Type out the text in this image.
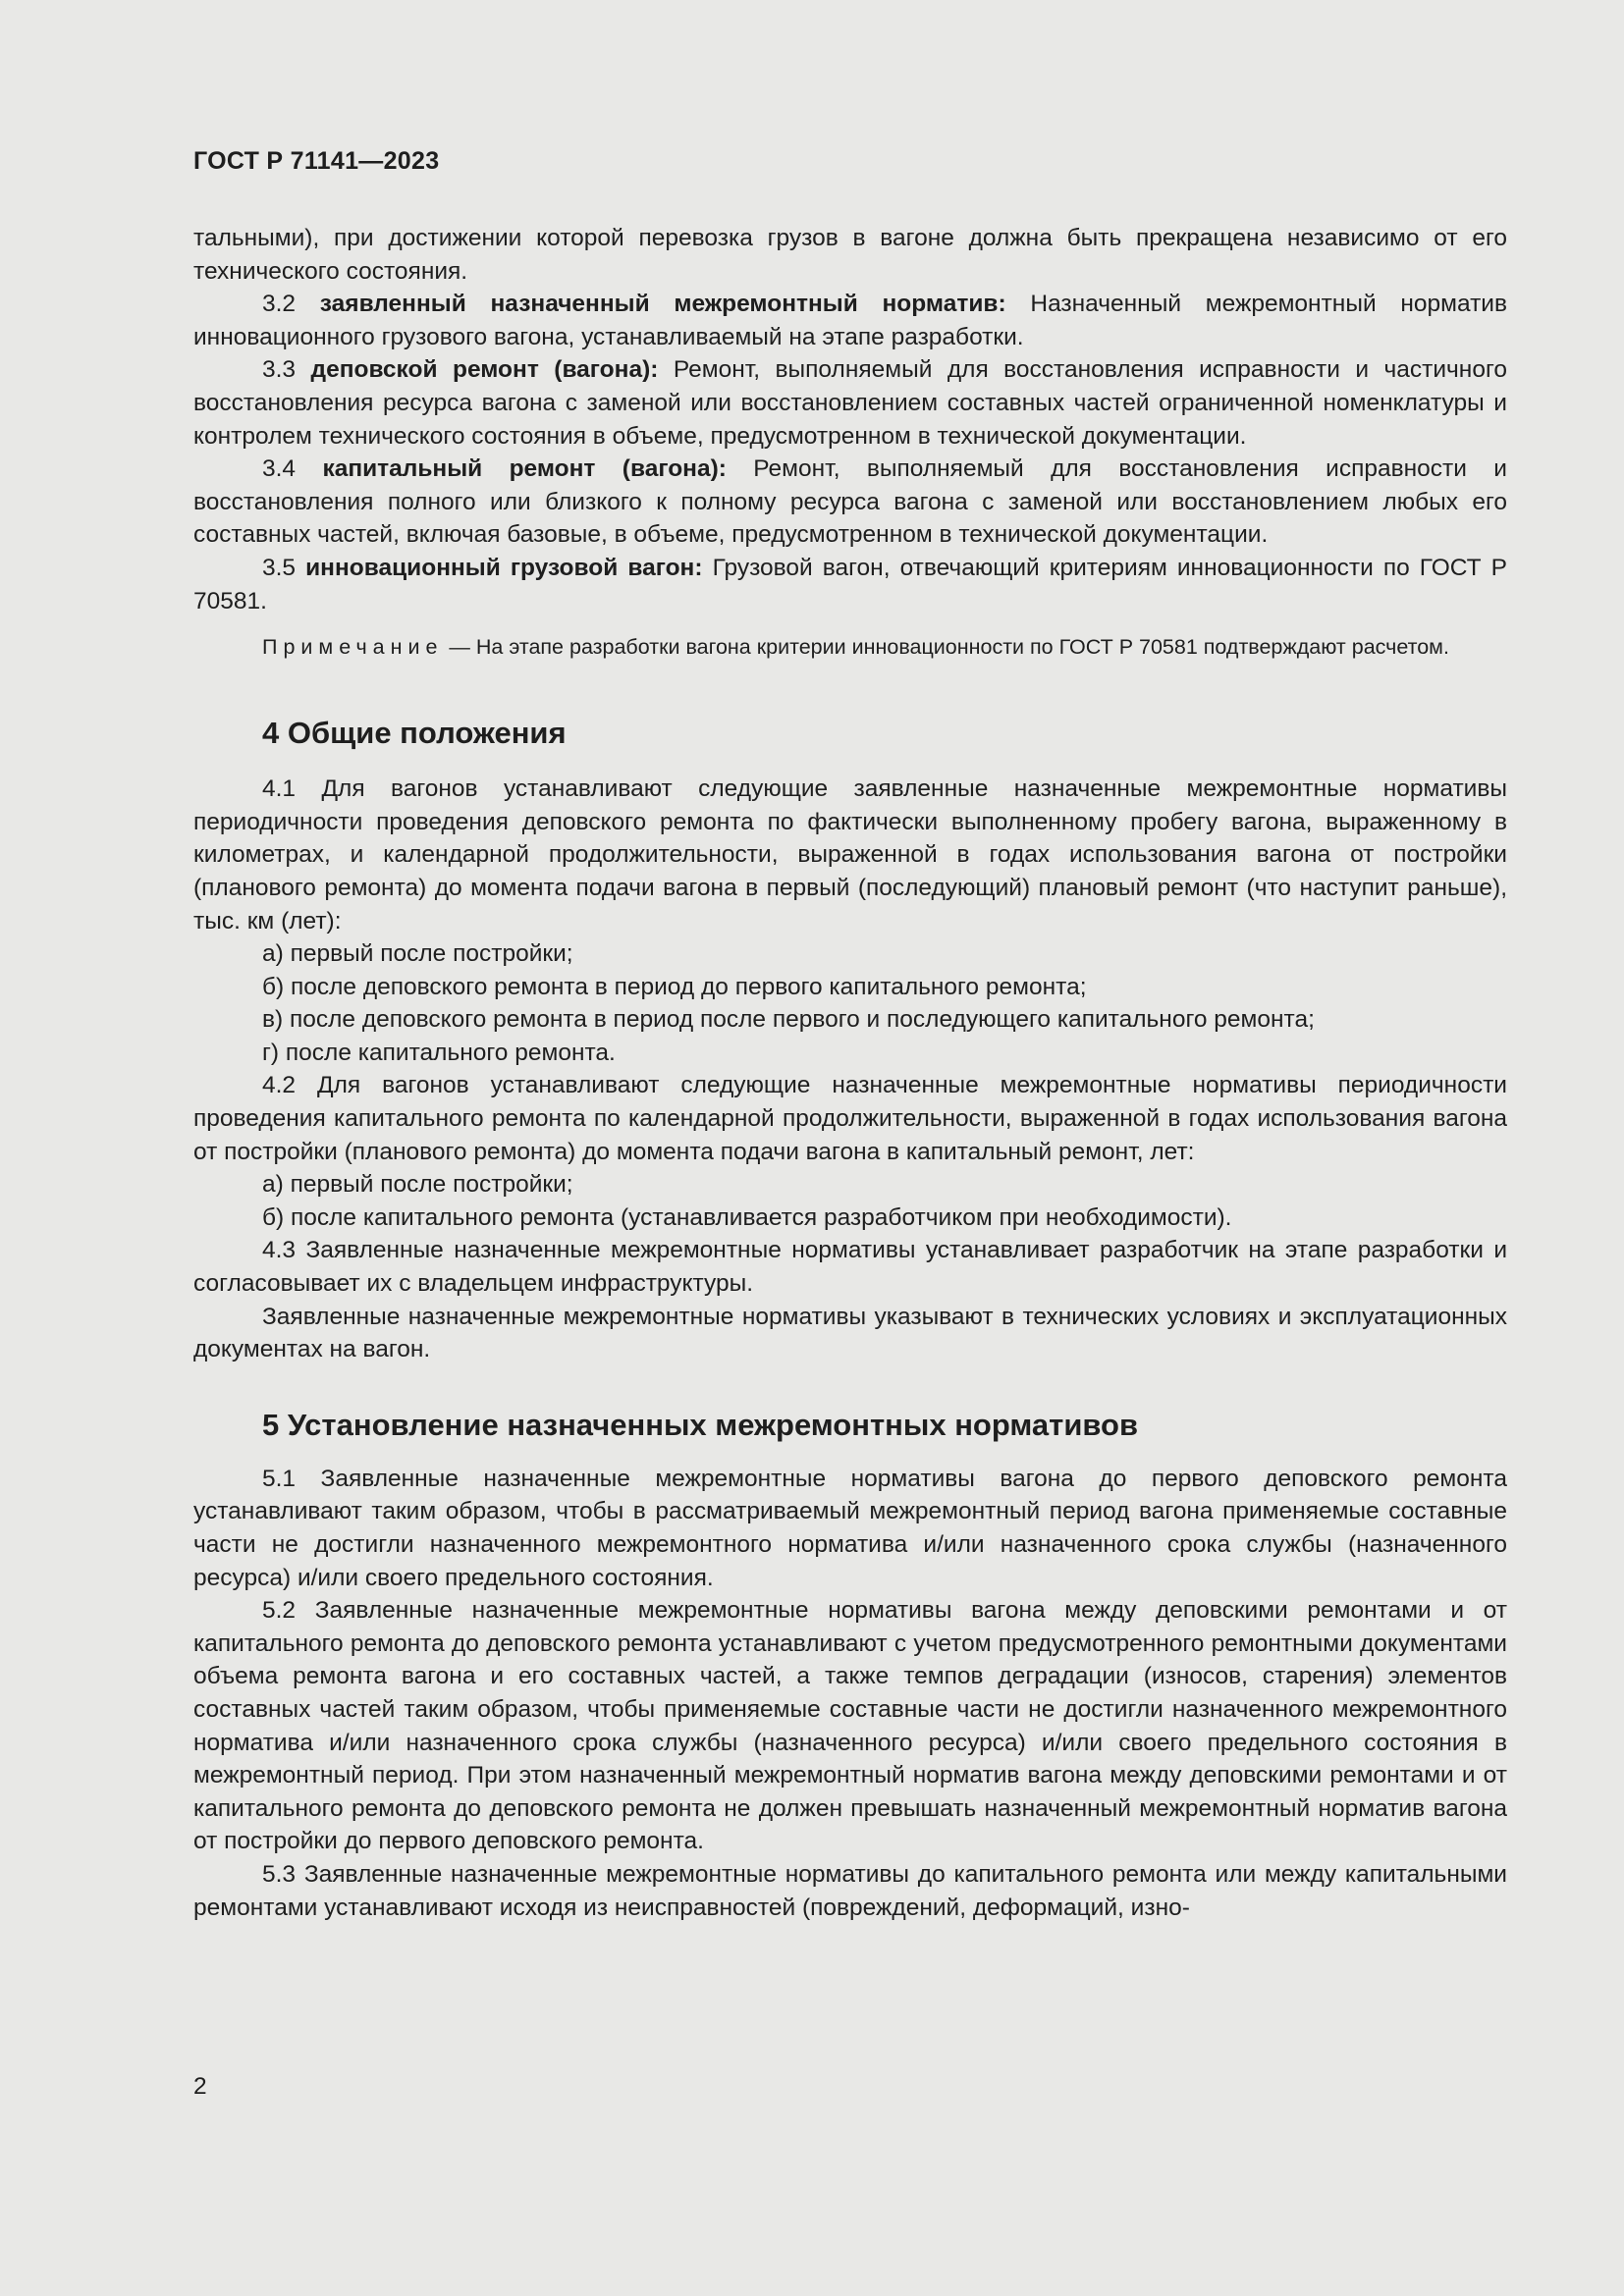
ГОСТ Р 71141—2023

тальными), при достижении которой перевозка грузов в вагоне должна быть прекращена независимо от его технического состояния.

3.2 заявленный назначенный межремонтный норматив: Назначенный межремонтный норматив инновационного грузового вагона, устанавливаемый на этапе разработки.

3.3 деповской ремонт (вагона): Ремонт, выполняемый для восстановления исправности и частичного восстановления ресурса вагона с заменой или восстановлением составных частей ограниченной номенклатуры и контролем технического состояния в объеме, предусмотренном в технической документации.

3.4 капитальный ремонт (вагона): Ремонт, выполняемый для восстановления исправности и восстановления полного или близкого к полному ресурса вагона с заменой или восстановлением любых его составных частей, включая базовые, в объеме, предусмотренном в технической документации.

3.5 инновационный грузовой вагон: Грузовой вагон, отвечающий критериям инновационности по ГОСТ Р 70581.

Примечание — На этапе разработки вагона критерии инновационности по ГОСТ Р 70581 подтверждают расчетом.

4 Общие положения

4.1 Для вагонов устанавливают следующие заявленные назначенные межремонтные нормативы периодичности проведения деповского ремонта по фактически выполненному пробегу вагона, выраженному в километрах, и календарной продолжительности, выраженной в годах использования вагона от постройки (планового ремонта) до момента подачи вагона в первый (последующий) плановый ремонт (что наступит раньше), тыс. км (лет):

а) первый после постройки;

б) после деповского ремонта в период до первого капитального ремонта;

в) после деповского ремонта в период после первого и последующего капитального ремонта;

г) после капитального ремонта.

4.2 Для вагонов устанавливают следующие назначенные межремонтные нормативы периодичности проведения капитального ремонта по календарной продолжительности, выраженной в годах использования вагона от постройки (планового ремонта) до момента подачи вагона в капитальный ремонт, лет:

а) первый после постройки;

б) после капитального ремонта (устанавливается разработчиком при необходимости).

4.3 Заявленные назначенные межремонтные нормативы устанавливает разработчик на этапе разработки и согласовывает их с владельцем инфраструктуры.

Заявленные назначенные межремонтные нормативы указывают в технических условиях и эксплуатационных документах на вагон.

5 Установление назначенных межремонтных нормативов

5.1 Заявленные назначенные межремонтные нормативы вагона до первого деповского ремонта устанавливают таким образом, чтобы в рассматриваемый межремонтный период вагона применяемые составные части не достигли назначенного межремонтного норматива и/или назначенного срока службы (назначенного ресурса) и/или своего предельного состояния.

5.2 Заявленные назначенные межремонтные нормативы вагона между деповскими ремонтами и от капитального ремонта до деповского ремонта устанавливают с учетом предусмотренного ремонтными документами объема ремонта вагона и его составных частей, а также темпов деградации (износов, старения) элементов составных частей таким образом, чтобы применяемые составные части не достигли назначенного межремонтного норматива и/или назначенного срока службы (назначенного ресурса) и/или своего предельного состояния в межремонтный период. При этом назначенный межремонтный норматив вагона между деповскими ремонтами и от капитального ремонта до деповского ремонта не должен превышать назначенный межремонтный норматив вагона от постройки до первого деповского ремонта.

5.3 Заявленные назначенные межремонтные нормативы до капитального ремонта или между капитальными ремонтами устанавливают исходя из неисправностей (повреждений, деформаций, изно-

2
